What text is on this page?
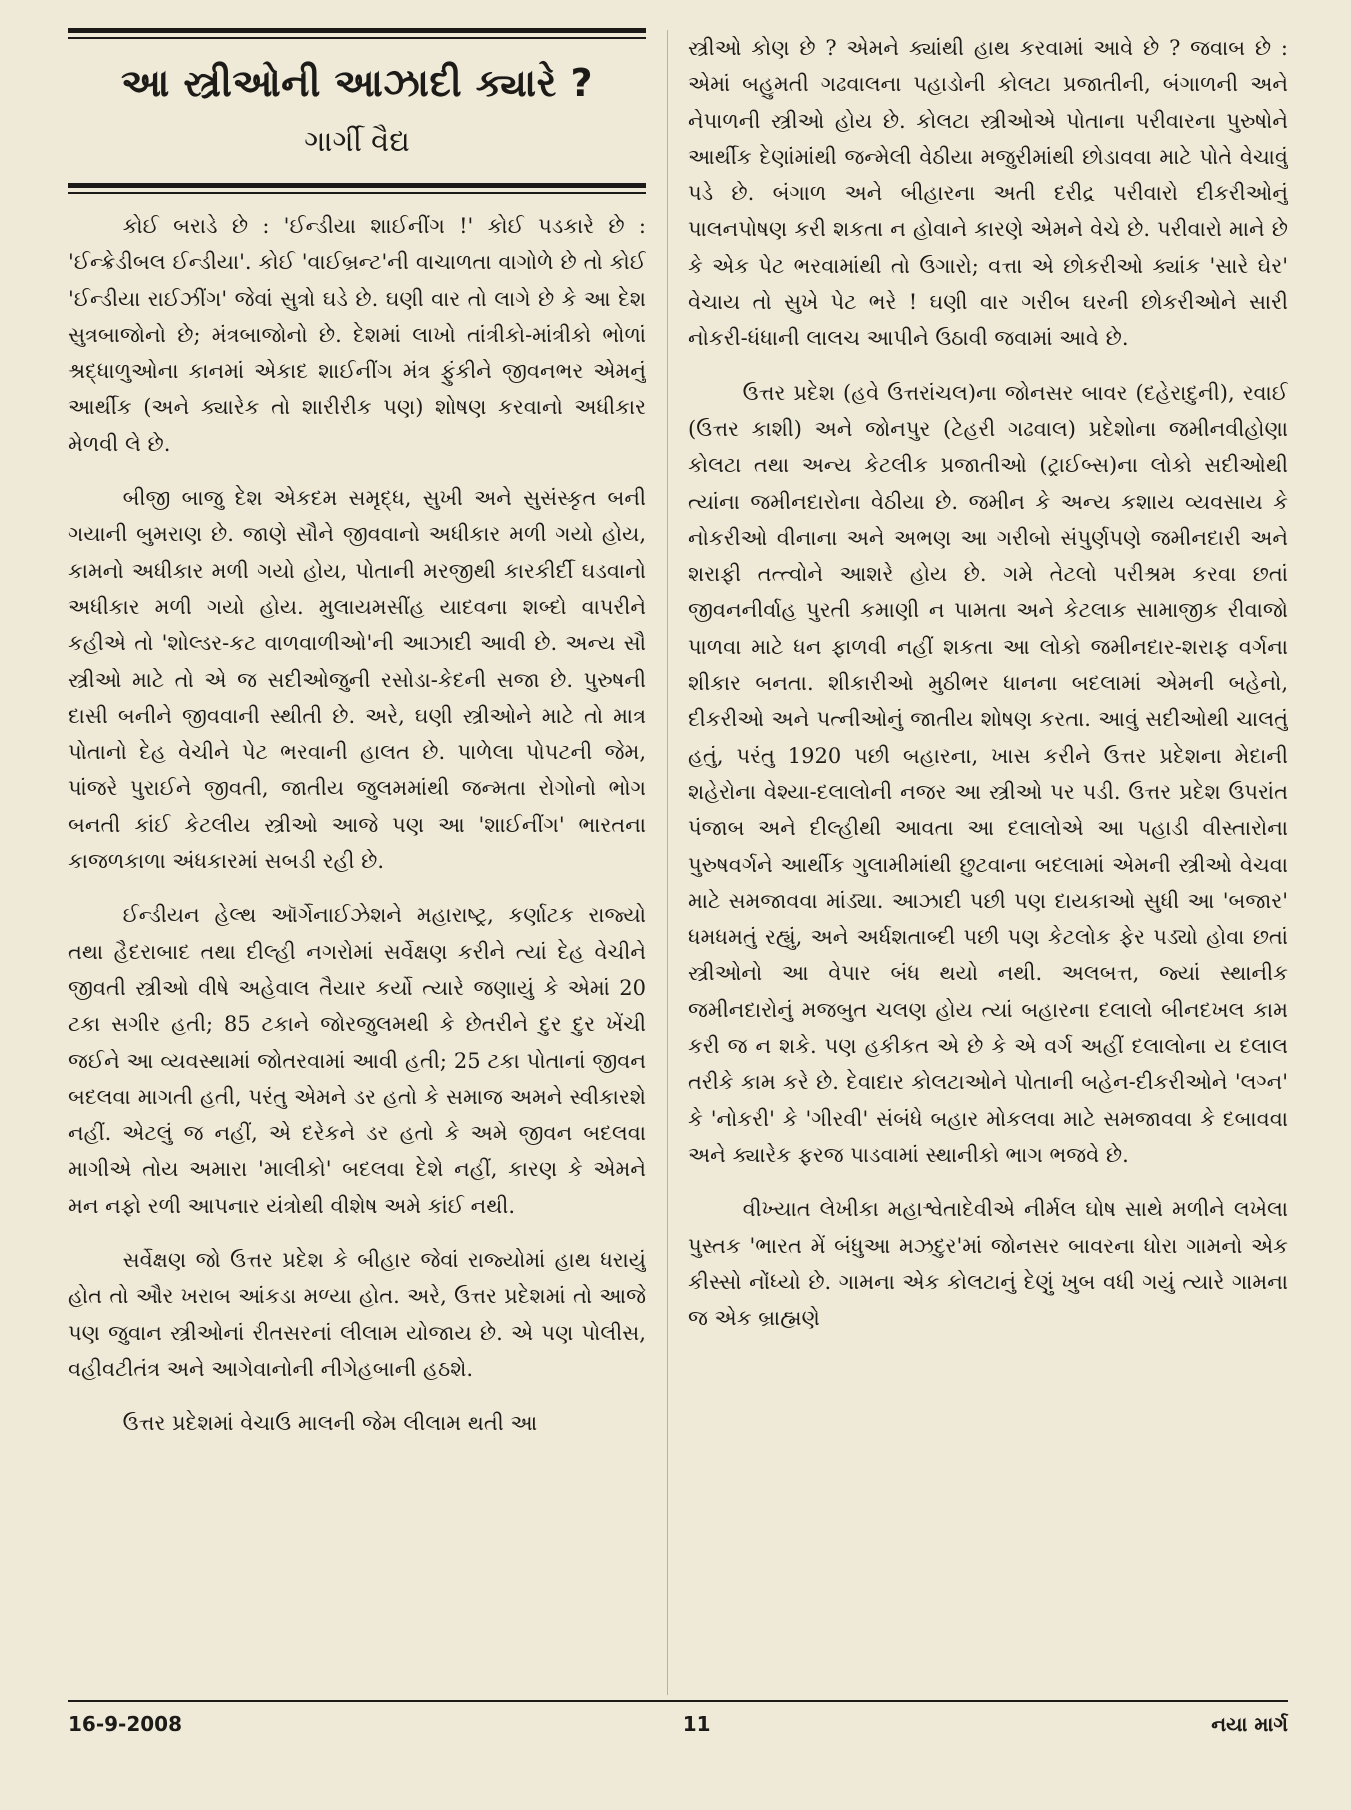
આ સ્ત્રીઓની આઝાદી ક્યારે ?
ગાર્ગી વૈદ્ય

કોઈ બરાડે છે : 'ઈન્ડીયા શાઈનીંગ !' કોઈ પડકારે છે : 'ઈન્ક્રેડીબલ ઈન્ડીયા'. કોઈ 'વાઈબ્રન્ટ'ની વાચાળતા વાગોળે છે તો કોઈ 'ઈન્ડીયા રાઈઝીંગ' જેવાં સુત્રો ઘડે છે. ઘણી વાર તો લાગે છે કે આ દેશ સુત્રબાજોનો છે; મંત્રબાજોનો છે. દેશમાં લાખો તાંત્રીકો-માંત્રીકો ભોળાં શ્રદ્ધાળુઓના કાનમાં એકાદ શાઈનીંગ મંત્ર ફુંકીને જીવનભર એમનું આર્થીક (અને ક્યારેક તો શારીરીક પણ) શોષણ કરવાનો અધીકાર મેળવી લે છે.

બીજી બાજુ દેશ એકદમ સમૃદ્ધ, સુખી અને સુસંસ્કૃત બની ગયાની બુમરાણ છે. જાણે સૌને જીવવાનો અધીકાર મળી ગયો હોય, કામનો અધીકાર મળી ગયો હોય, પોતાની મરજીથી કારકીર્દી ઘડવાનો અધીકાર મળી ગયો હોય. મુલાયમસીંહ યાદવના શબ્દો વાપરીને કહીએ તો 'શોલ્ડર-કટ વાળવાળીઓ'ની આઝાદી આવી છે. અન્ય સૌ સ્ત્રીઓ માટે તો એ જ સદીઓજુની રસોડા-કેદની સજા છે. પુરુષની દાસી બનીને જીવવાની સ્થીતી છે. અરે, ઘણી સ્ત્રીઓને માટે તો માત્ર પોતાનો દેહ વેચીને પેટ ભરવાની હાલત છે. પાળેલા પોપટની જેમ, પાંજરે પુરાઈને જીવતી, જાતીય જુલમમાંથી જન્મતા રોગોનો ભોગ બનતી કાંઈ કેટલીય સ્ત્રીઓ આજે પણ આ 'શાઈનીંગ' ભારતના કાજળકાળા અંધકારમાં સબડી રહી છે.

ઈન્ડીયન હેલ્થ ઑર્ગેનાઈઝેશને મહારાષ્ટ્ર, કર્ણાટક રાજ્યો તથા હૈદરાબાદ તથા દીલ્હી નગરોમાં સર્વેક્ષણ કરીને ત્યાં દેહ વેચીને જીવતી સ્ત્રીઓ વીષે અહેવાલ તૈયાર કર્યો ત્યારે જણાયું કે એમાં 20 ટકા સગીર હતી; 85 ટકાને જોરજુલમથી કે છેતરીને દુર દુર ખેંચી જઈને આ વ્યવસ્થામાં જોતરવામાં આવી હતી; 25 ટકા પોતાનાં જીવન બદલવા માગતી હતી, પરંતુ એમને ડર હતો કે સમાજ અમને સ્વીકારશે નહીં. એટલું જ નહીં, એ દરેકને ડર હતો કે અમે જીવન બદલવા માગીએ તોય અમારા 'માલીકો' બદલવા દેશે નહીં, કારણ કે એમને મન નફો રળી આપનાર યંત્રોથી વીશેષ અમે કાંઈ નથી.

સર્વેક્ષણ જો ઉત્તર પ્રદેશ કે બીહાર જેવાં રાજ્યોમાં હાથ ધરાયું હોત તો ઔર ખરાબ આંકડા મળ્યા હોત. અરે, ઉત્તર પ્રદેશમાં તો આજે પણ જુવાન સ્ત્રીઓનાં રીતસરનાં લીલામ યોજાય છે. એ પણ પોલીસ, વહીવટીતંત્ર અને આગેવાનોની નીગેહબાની હઠશે.

ઉત્તર પ્રદેશમાં વેચાઉ માલની જેમ લીલામ થતી આ

સ્ત્રીઓ કોણ છે ? એમને ક્યાંથી હાથ કરવામાં આવે છે ? જવાબ છે : એમાં બહુમતી ગઢવાલના પહાડોની કોલટા પ્રજાતીની, બંગાળની અને નેપાળની સ્ત્રીઓ હોય છે. કોલટા સ્ત્રીઓએ પોતાના પરીવારના પુરુષોને આર્થીક દેણાંમાંથી જન્મેલી વેઠીયા મજુરીમાંથી છોડાવવા માટે પોતે વેચાવું પડે છે. બંગાળ અને બીહારના અતી દરીદ્ર પરીવારો દીકરીઓનું પાલનપોષણ કરી શકતા ન હોવાને કારણે એમને વેચે છે. પરીવારો માને છે કે એક પેટ ભરવામાંથી તો ઉગારો; વત્તા એ છોકરીઓ ક્યાંક 'સારે ઘેર' વેચાય તો સુખે પેટ ભરે ! ઘણી વાર ગરીબ ઘરની છોકરીઓને સારી નોકરી-ધંધાની લાલચ આપીને ઉઠાવી જવામાં આવે છે.

ઉત્તર પ્રદેશ (હવે ઉત્તરાંચલ)ના જોનસર બાવર (દહેરાદુની), રવાઈ (ઉત્તર કાશી) અને જોનપુર (ટેહરી ગઢવાલ) પ્રદેશોના જમીનવીહોણા કોલટા તથા અન્ય કેટલીક પ્રજાતીઓ (ટ્રાઈબ્સ)ના લોકો સદીઓથી ત્યાંના જમીનદારોના વેઠીયા છે. જમીન કે અન્ય કશાય વ્યવસાય કે નોકરીઓ વીનાના અને અભણ આ ગરીબો સંપુર્ણપણે જમીનદારી અને શરાફી તત્ત્વોને આશરે હોય છે. ગમે તેટલો પરીશ્રમ કરવા છતાં જીવનનીર્વાહ પુરતી કમાણી ન પામતા અને કેટલાક સામાજીક રીવાજો પાળવા માટે ધન ફાળવી નહીં શકતા આ લોકો જમીનદાર-શરાફ વર્ગના શીકાર બનતા. શીકારીઓ મુઠીભર ધાનના બદલામાં એમની બહેનો, દીકરીઓ અને પત્નીઓનું જાતીય શોષણ કરતા. આવું સદીઓથી ચાલતું હતું, પરંતુ 1920 પછી બહારના, ખાસ કરીને ઉત્તર પ્રદેશના મેદાની શહેરોના વેશ્યા-દલાલોની નજર આ સ્ત્રીઓ પર પડી. ઉત્તર પ્રદેશ ઉપરાંત પંજાબ અને દીલ્હીથી આવતા આ દલાલોએ આ પહાડી વીસ્તારોના પુરુષવર્ગને આર્થીક ગુલામીમાંથી છુટવાના બદલામાં એમની સ્ત્રીઓ વેચવા માટે સમજાવવા માંડ્યા. આઝાદી પછી પણ દાયકાઓ સુધી આ 'બજાર' ધમધમતું રહ્યું, અને અર્ધશતાબ્દી પછી પણ કેટલોક ફેર પડ્યો હોવા છતાં સ્ત્રીઓનો આ વેપાર બંધ થયો નથી. અલબત્ત, જ્યાં સ્થાનીક જમીનદારોનું મજબુત ચલણ હોય ત્યાં બહારના દલાલો બીનદખલ કામ કરી જ ન શકે. પણ હકીકત એ છે કે એ વર્ગ અહીં દલાલોના ય દલાલ તરીકે કામ કરે છે. દેવાદાર કોલટાઓને પોતાની બહેન-દીકરીઓને 'લગ્ન' કે 'નોકરી' કે 'ગીરવી' સંબંધે બહાર મોકલવા માટે સમજાવવા કે દબાવવા અને ક્યારેક ફરજ પાડવામાં સ્થાનીકો ભાગ ભજવે છે.

વીખ્યાત લેખીકા મહાશ્વેતાદેવીએ નીર્મલ ઘોષ સાથે મળીને લખેલા પુસ્તક 'ભારત મેં બંધુઆ મઝદુર'માં જોનસર બાવરના ધોરા ગામનો એક કીસ્સો નોંધ્યો છે. ગામના એક કોલટાનું દેણું ખુબ વધી ગયું ત્યારે ગામના જ એક બ્રાહ્મણે

16-9-2008	11	નયા માર્ગ
